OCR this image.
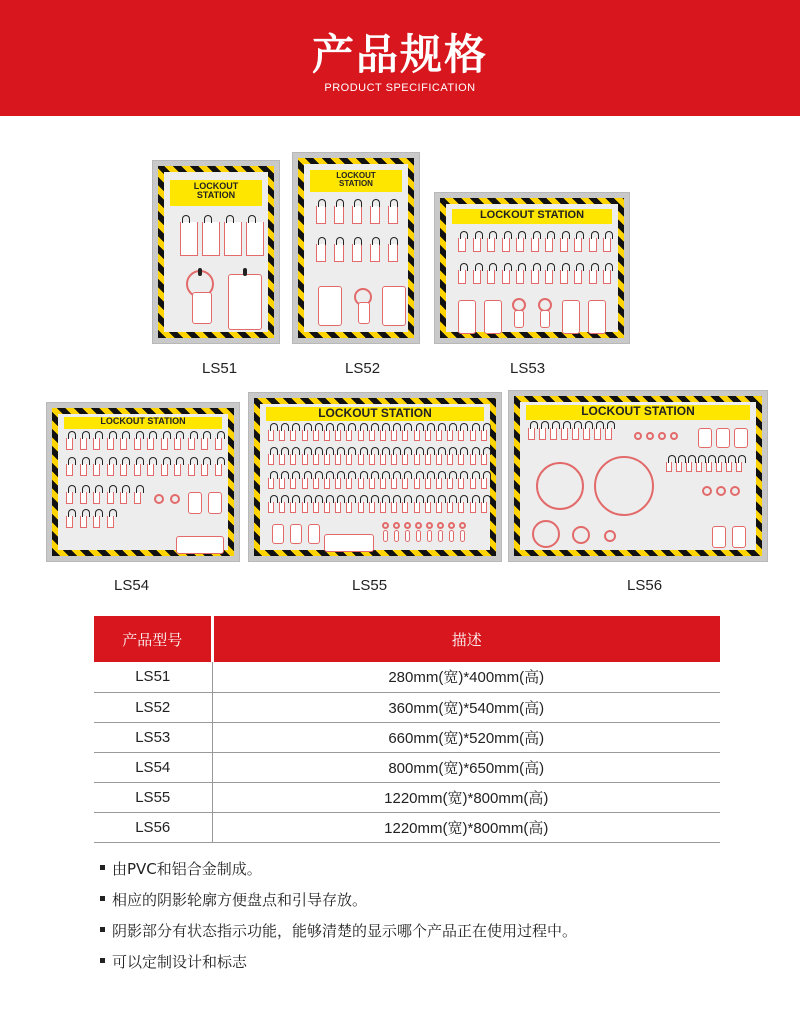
产品规格
PRODUCT SPECIFICATION
LOCKOUT
STATION
LS51
LOCKOUT
STATION
LS52
LOCKOUT STATION
LS53
LOCKOUT STATION
LS54
LOCKOUT STATION
LS55
LOCKOUT STATION
LS56
产品型号	描述
LS51	280mm(宽)*400mm(高)
LS52	360mm(宽)*540mm(高)
LS53	660mm(宽)*520mm(高)
LS54	800mm(宽)*650mm(高)
LS55	1220mm(宽)*800mm(高)
LS56	1220mm(宽)*800mm(高)
由PVC和铝合金制成。
相应的阴影轮廓方便盘点和引导存放。
阴影部分有状态指示功能，能够清楚的显示哪个产品正在使用过程中。
可以定制设计和标志
